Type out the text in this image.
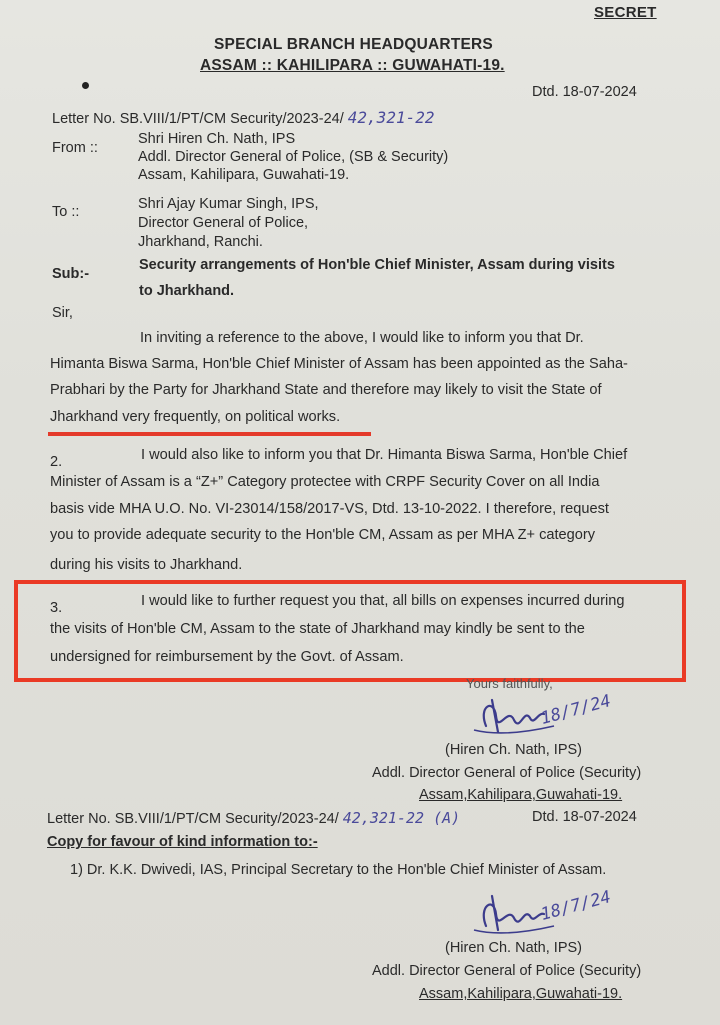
SECRET
SPECIAL BRANCH HEADQUARTERS
ASSAM :: KAHILIPARA :: GUWAHATI-19.
Letter No. SB.VIII/1/PT/CM Security/2023-24/ 42,321-22
Dtd. 18-07-2024
From ::
Shri Hiren Ch. Nath, IPS
Addl. Director General of Police, (SB & Security)
Assam, Kahilipara, Guwahati-19.
To ::	Shri Ajay Kumar Singh, IPS,
Director General of Police,
Jharkhand, Ranchi.
Sub:-
Security arrangements of Hon'ble Chief Minister, Assam during visits
to Jharkhand.
Sir,
In inviting a reference to the above, I would like to inform you that Dr.
Himanta Biswa Sarma, Hon'ble Chief Minister of Assam has been appointed as the Saha-
Prabhari by the Party for Jharkhand State and therefore may likely to visit the State of
Jharkhand very frequently, on political works.
2.	I would also like to inform you that Dr. Himanta Biswa Sarma, Hon'ble Chief
Minister of Assam is a “Z+” Category protectee with CRPF Security Cover on all India
basis vide MHA U.O. No. VI-23014/158/2017-VS, Dtd. 13-10-2022. I therefore, request
you to provide adequate security to the Hon'ble CM, Assam as per MHA Z+ category
during his visits to Jharkhand.
3.	I would like to further request you that, all bills on expenses incurred during
the visits of Hon'ble CM, Assam to the state of Jharkhand may kindly be sent to the
undersigned for reimbursement by the Govt. of Assam.
Yours faithfully,
18/7/24
(Hiren Ch. Nath, IPS)
Addl. Director General of Police (Security)
Assam,Kahilipara,Guwahati-19.
Letter No. SB.VIII/1/PT/CM Security/2023-24/ 42,321-22 (A)	Dtd. 18-07-2024
Copy for favour of kind information to:-
1) Dr. K.K. Dwivedi, IAS, Principal Secretary to the Hon'ble Chief Minister of Assam.
18/7/24
(Hiren Ch. Nath, IPS)
Addl. Director General of Police (Security)
Assam,Kahilipara,Guwahati-19.
